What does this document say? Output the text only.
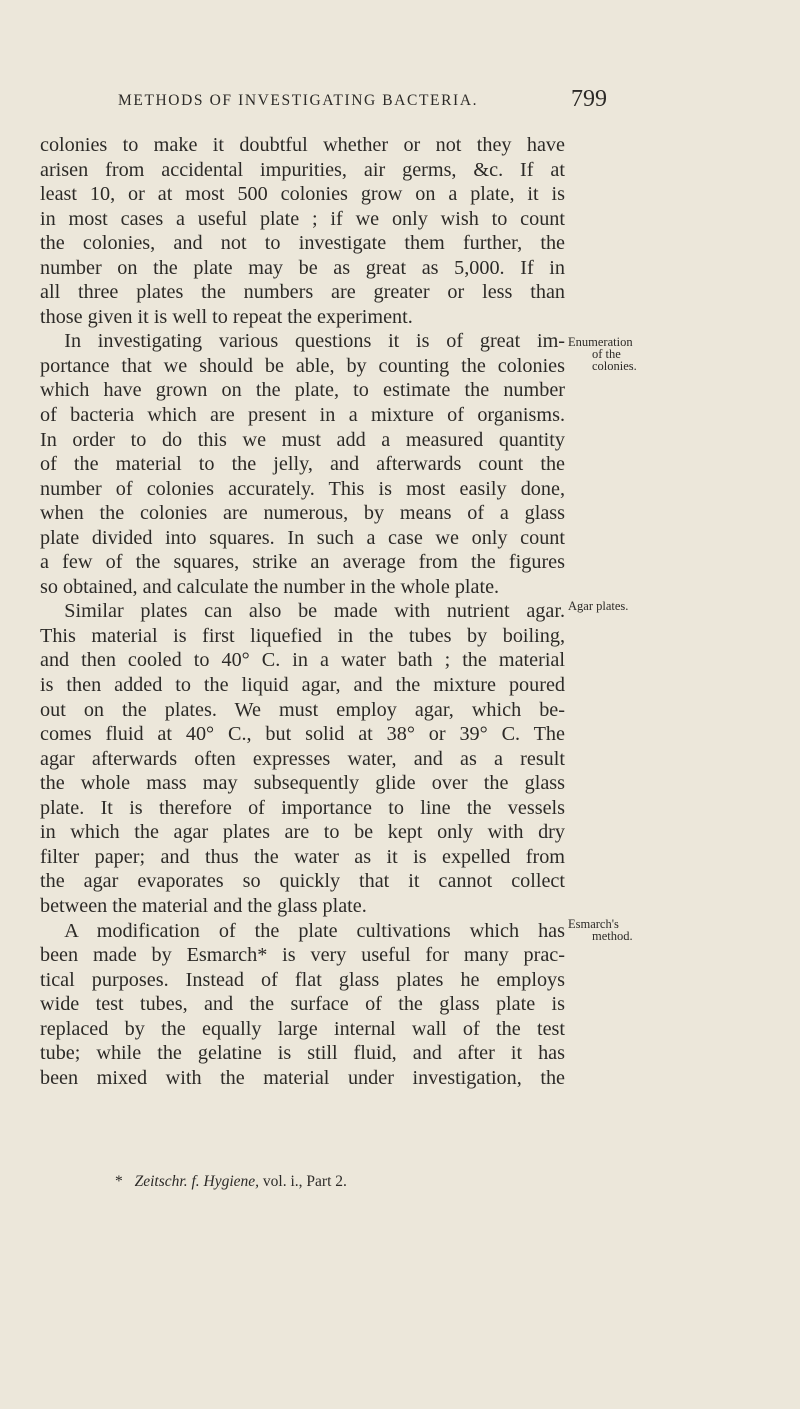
METHODS OF INVESTIGATING BACTERIA.	799
colonies to make it doubtful whether or not they have
arisen from accidental impurities, air germs, &c. If at
least 10, or at most 500 colonies grow on a plate, it is
in most cases a useful plate ; if we only wish to count
the colonies, and not to investigate them further, the
number on the plate may be as great as 5,000. If in
all three plates the numbers are greater or less than
those given it is well to repeat the experiment.
In investigating various questions it is of great im-
portance that we should be able, by counting the colonies
which have grown on the plate, to estimate the number
of bacteria which are present in a mixture of organisms.
In order to do this we must add a measured quantity
of the material to the jelly, and afterwards count the
number of colonies accurately. This is most easily done,
when the colonies are numerous, by means of a glass
plate divided into squares. In such a case we only count
a few of the squares, strike an average from the figures
so obtained, and calculate the number in the whole plate.
Similar plates can also be made with nutrient agar.
This material is first liquefied in the tubes by boiling,
and then cooled to 40° C. in a water bath ; the material
is then added to the liquid agar, and the mixture poured
out on the plates. We must employ agar, which be-
comes fluid at 40° C., but solid at 38° or 39° C. The
agar afterwards often expresses water, and as a result
the whole mass may subsequently glide over the glass
plate. It is therefore of importance to line the vessels
in which the agar plates are to be kept only with dry
filter paper; and thus the water as it is expelled from
the agar evaporates so quickly that it cannot collect
between the material and the glass plate.
A modification of the plate cultivations which has
been made by Esmarch* is very useful for many prac-
tical purposes. Instead of flat glass plates he employs
wide test tubes, and the surface of the glass plate is
replaced by the equally large internal wall of the test
tube; while the gelatine is still fluid, and after it has
been mixed with the material under investigation, the
Enumeration
of the
colonies.
Agar plates.
Esmarch's
method.
* Zeitschr. f. Hygiene, vol. i., Part 2.
